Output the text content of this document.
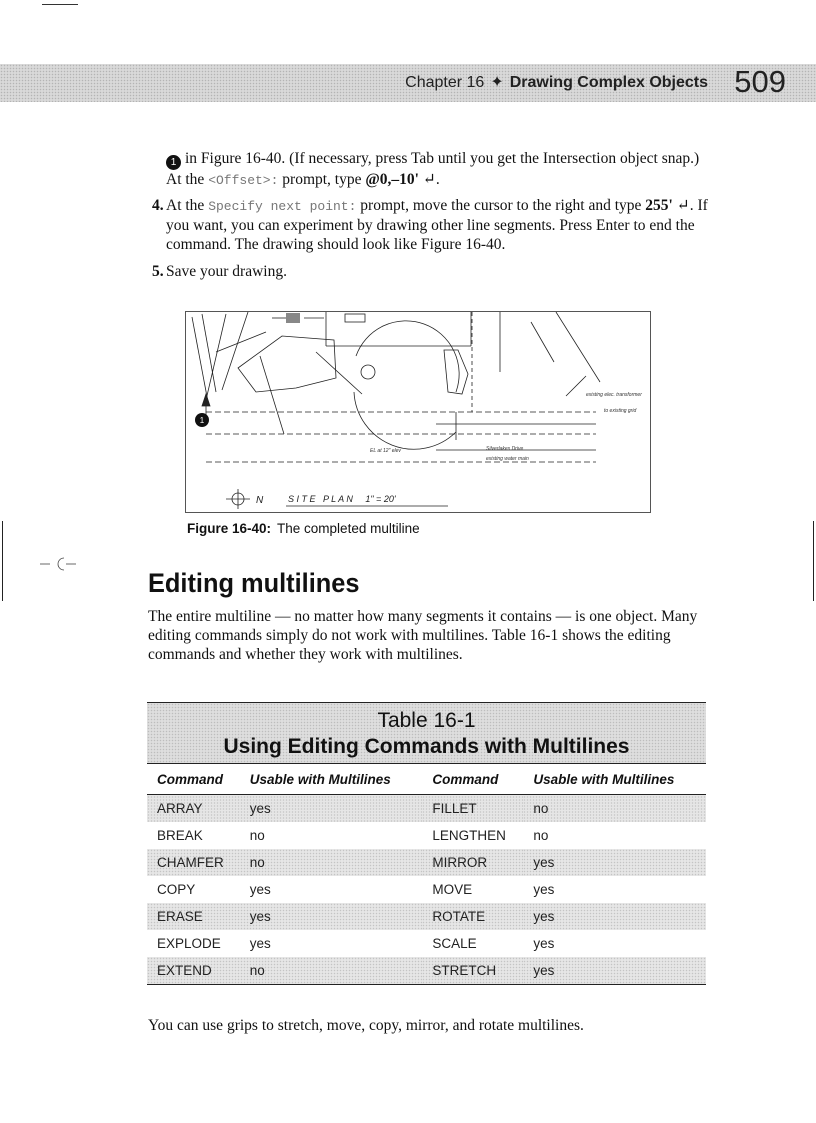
Chapter 16 ✦ Drawing Complex Objects 509
1 in Figure 16-40. (If necessary, press Tab until you get the Intersection object snap.) At the <Offset>: prompt, type @0,–10' ↵.
4. At the Specify next point: prompt, move the cursor to the right and type 255' ↵. If you want, you can experiment by drawing other line segments. Press Enter to end the command. The drawing should look like Figure 16-40.
5. Save your drawing.
existing elec. transformer
to existing grid
Silverlakes Drive
existing water main
EL at 12" elev
1
N	S I T E   P L A N     1" = 20'
Figure 16-40: The completed multiline
Editing multilines

The entire multiline — no matter how many segments it contains — is one object. Many editing commands simply do not work with multilines. Table 16-1 shows the editing commands and whether they work with multilines.

Table 16-1
Using Editing Commands with Multilines
Command	Usable with Multilines	Command	Usable with Multilines
ARRAY	yes	FILLET	no
BREAK	no	LENGTHEN	no
CHAMFER	no	MIRROR	yes
COPY	yes	MOVE	yes
ERASE	yes	ROTATE	yes
EXPLODE	yes	SCALE	yes
EXTEND	no	STRETCH	yes

You can use grips to stretch, move, copy, mirror, and rotate multilines.
